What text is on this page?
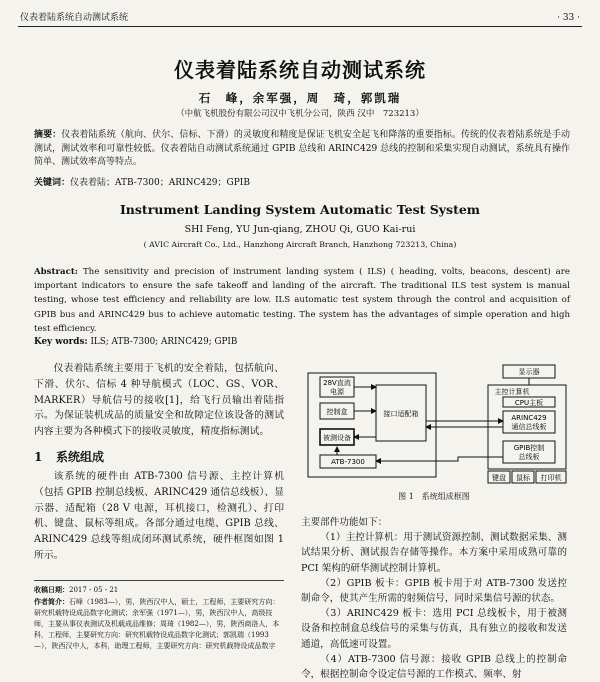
仪表着陆系统自动测试系统	· 33 ·
仪表着陆系统自动测试系统
石　峰，余军强，周　琦，郭凯瑞
（中航飞机股份有限公司汉中飞机分公司，陕西 汉中　723213）
摘要：仪表着陆系统（航向、伏尔、信标、下滑）的灵敏度和精度是保证飞机安全起飞和降落的重要指标。传统的仪表着陆系统是手动测试，测试效率和可靠性较低。仪表着陆自动测试系统通过 GPIB 总线和 ARINC429 总线的控制和采集实现自动测试，系统具有操作简单、测试效率高等特点。
关键词：仪表着陆；ATB-7300；ARINC429；GPIB
Instrument Landing System Automatic Test System
SHI Feng, YU Jun-qiang, ZHOU Qi, GUO Kai-rui
( AVIC Aircraft Co., Ltd., Hanzhong Aircraft Branch, Hanzhong 723213, China)
Abstract: The sensitivity and precision of instrument landing system ( ILS) ( heading, volts, beacons, descent) are important indicators to ensure the safe takeoff and landing of the aircraft. The traditional ILS test system is manual testing, whose test efficiency and reliability are low. ILS automatic test system through the control and acquisition of GPIB bus and ARINC429 bus to achieve automatic testing. The system has the advantages of simple operation and high test efficiency.
Key words: ILS; ATB-7300; ARINC429; GPIB

仪表着陆系统主要用于飞机的安全着陆，包括航向、下滑、伏尔、信标 4 种导航模式（LOC、GS、VOR、MARKER）导航信号的接收[1]，给飞行员输出着陆指示。为保证装机成品的质量安全和故障定位该设备的测试内容主要为各种模式下的接收灵敏度，精度指标测试。

1 系统组成

该系统的硬件由 ATB-7300 信号源、主控计算机（包括 GPIB 控制总线板、ARINC429 通信总线板）、显示器、适配箱（28 V 电源，耳机接口，检测孔）、打印机、键盘、鼠标等组成。各部分通过电缆、GPIB 总线、ARINC429 总线等组成闭环测试系统，硬件框图如图 1 所示。

收稿日期：2017 - 05 - 21
作者简介：石峰（1983—），男，陕西汉中人，硕士，工程师，主要研究方向：研究机载特设成品数字化测试；余军强（1971—），男，陕西汉中人，高级技师，主要从事仪表测试及机载成品维修；周琦（1982—），男，陕西商洛人，本科，工程师，主要研究方向：研究机载特设成品数字化测试；郭凯瑞（1993—），陕西汉中人，本科，助理工程师，主要研究方向：研究机载特设成品数字
28V直流
电源
控制盒
被测设备
接口适配箱
ATB-7300
显示器
主控计算机
CPU主板
ARINC429
通信总线板
GPIB控制
总线板
键盘 鼠标 打印机
图 1　系统组成框图

主要部件功能如下：

（1）主控计算机：用于测试资源控制、测试数据采集、测试结果分析、测试报告存储等操作。本方案中采用成熟可靠的 PCI 架构的研华测试控制计算机。

（2）GPIB 板卡：GPIB 板卡用于对 ATB-7300 发送控制命令，使其产生所需的射频信号，同时采集信号源的状态。

（3）ARINC429 板卡：选用 PCI 总线板卡，用于被测设备和控制盒总线信号的采集与仿真，具有独立的接收和发送通道，高低速可设置。

（4）ATB-7300 信号源：接收 GPIB 总线上的控制命令，根据控制命令设定信号源的工作模式、频率、射
